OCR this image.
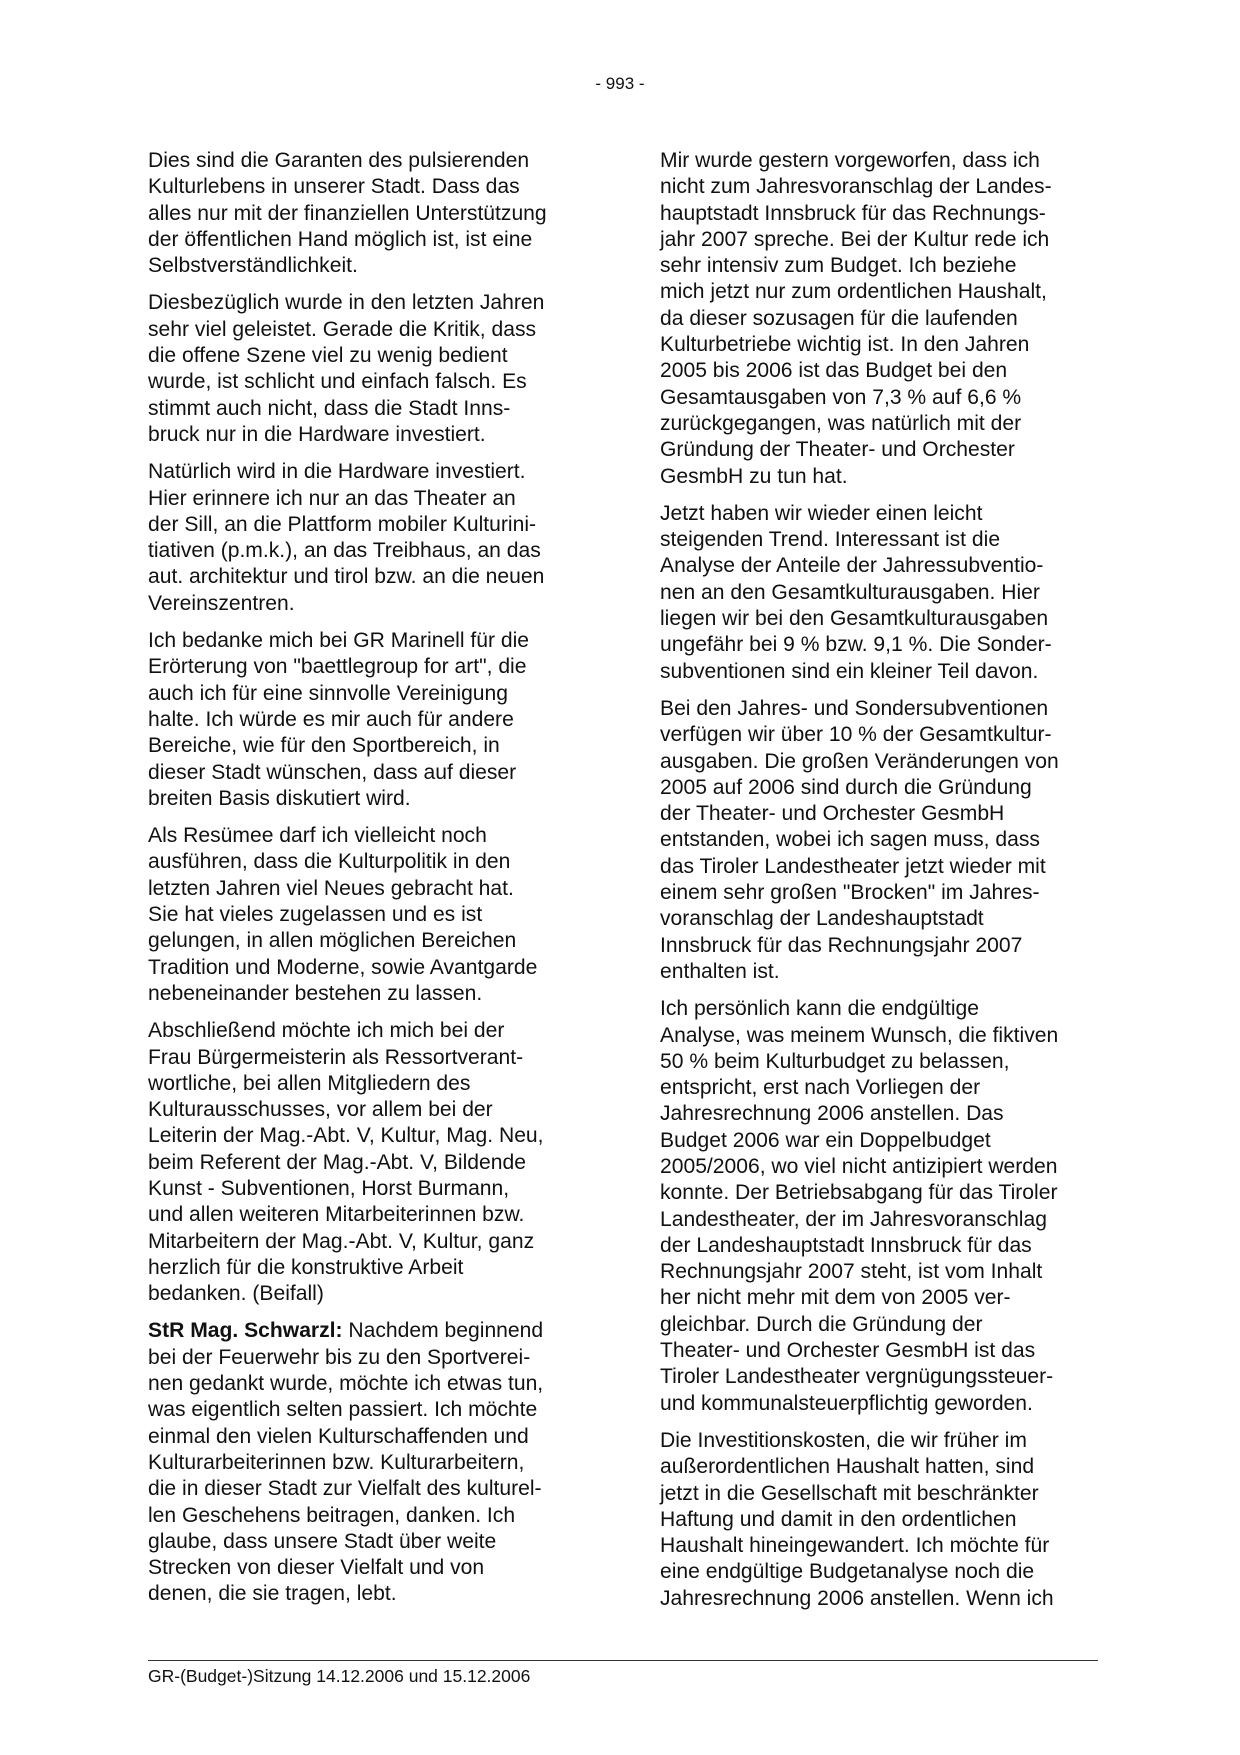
- 993 -

Dies sind die Garanten des pulsierenden
Kulturlebens in unserer Stadt. Dass das
alles nur mit der finanziellen Unterstützung
der öffentlichen Hand möglich ist, ist eine
Selbstverständlichkeit.

Diesbezüglich wurde in den letzten Jahren
sehr viel geleistet. Gerade die Kritik, dass
die offene Szene viel zu wenig bedient
wurde, ist schlicht und einfach falsch. Es
stimmt auch nicht, dass die Stadt Inns-
bruck nur in die Hardware investiert.

Natürlich wird in die Hardware investiert.
Hier erinnere ich nur an das Theater an
der Sill, an die Plattform mobiler Kulturini-
tiativen (p.m.k.), an das Treibhaus, an das
aut. architektur und tirol bzw. an die neuen
Vereinszentren.

Ich bedanke mich bei GR Marinell für die
Erörterung von "baettlegroup for art", die
auch ich für eine sinnvolle Vereinigung
halte. Ich würde es mir auch für andere
Bereiche, wie für den Sportbereich, in
dieser Stadt wünschen, dass auf dieser
breiten Basis diskutiert wird.

Als Resümee darf ich vielleicht noch
ausführen, dass die Kulturpolitik in den
letzten Jahren viel Neues gebracht hat.
Sie hat vieles zugelassen und es ist
gelungen, in allen möglichen Bereichen
Tradition und Moderne, sowie Avantgarde
nebeneinander bestehen zu lassen.

Abschließend möchte ich mich bei der
Frau Bürgermeisterin als Ressortverant-
wortliche, bei allen Mitgliedern des
Kulturausschusses, vor allem bei der
Leiterin der Mag.-Abt. V, Kultur, Mag. Neu,
beim Referent der Mag.-Abt. V, Bildende
Kunst - Subventionen, Horst Burmann,
und allen weiteren Mitarbeiterinnen bzw.
Mitarbeitern der Mag.-Abt. V, Kultur, ganz
herzlich für die konstruktive Arbeit
bedanken. (Beifall)

StR Mag. Schwarzl: Nachdem beginnend
bei der Feuerwehr bis zu den Sportverei-
nen gedankt wurde, möchte ich etwas tun,
was eigentlich selten passiert. Ich möchte
einmal den vielen Kulturschaffenden und
Kulturarbeiterinnen bzw. Kulturarbeitern,
die in dieser Stadt zur Vielfalt des kulturel-
len Geschehens beitragen, danken. Ich
glaube, dass unsere Stadt über weite
Strecken von dieser Vielfalt und von
denen, die sie tragen, lebt.

Mir wurde gestern vorgeworfen, dass ich
nicht zum Jahresvoranschlag der Landes-
hauptstadt Innsbruck für das Rechnungs-
jahr 2007 spreche. Bei der Kultur rede ich
sehr intensiv zum Budget. Ich beziehe
mich jetzt nur zum ordentlichen Haushalt,
da dieser sozusagen für die laufenden
Kulturbetriebe wichtig ist. In den Jahren
2005 bis 2006 ist das Budget bei den
Gesamtausgaben von 7,3 % auf 6,6 %
zurückgegangen, was natürlich mit der
Gründung der Theater- und Orchester
GesmbH zu tun hat.

Jetzt haben wir wieder einen leicht
steigenden Trend. Interessant ist die
Analyse der Anteile der Jahressubventio-
nen an den Gesamtkulturausgaben. Hier
liegen wir bei den Gesamtkulturausgaben
ungefähr bei 9 % bzw. 9,1 %. Die Sonder-
subventionen sind ein kleiner Teil davon.

Bei den Jahres- und Sondersubventionen
verfügen wir über 10 % der Gesamtkultur-
ausgaben. Die großen Veränderungen von
2005 auf 2006 sind durch die Gründung
der Theater- und Orchester GesmbH
entstanden, wobei ich sagen muss, dass
das Tiroler Landestheater jetzt wieder mit
einem sehr großen "Brocken" im Jahres-
voranschlag der Landeshauptstadt
Innsbruck für das Rechnungsjahr 2007
enthalten ist.

Ich persönlich kann die endgültige
Analyse, was meinem Wunsch, die fiktiven
50 % beim Kulturbudget zu belassen,
entspricht, erst nach Vorliegen der
Jahresrechnung 2006 anstellen. Das
Budget 2006 war ein Doppelbudget
2005/2006, wo viel nicht antizipiert werden
konnte. Der Betriebsabgang für das Tiroler
Landestheater, der im Jahresvoranschlag
der Landeshauptstadt Innsbruck für das
Rechnungsjahr 2007 steht, ist vom Inhalt
her nicht mehr mit dem von 2005 ver-
gleichbar. Durch die Gründung der
Theater- und Orchester GesmbH ist das
Tiroler Landestheater vergnügungssteuer-
und kommunalsteuerpflichtig geworden.

Die Investitionskosten, die wir früher im
außerordentlichen Haushalt hatten, sind
jetzt in die Gesellschaft mit beschränkter
Haftung und damit in den ordentlichen
Haushalt hineingewandert. Ich möchte für
eine endgültige Budgetanalyse noch die
Jahresrechnung 2006 anstellen. Wenn ich

GR-(Budget-)Sitzung 14.12.2006 und 15.12.2006
